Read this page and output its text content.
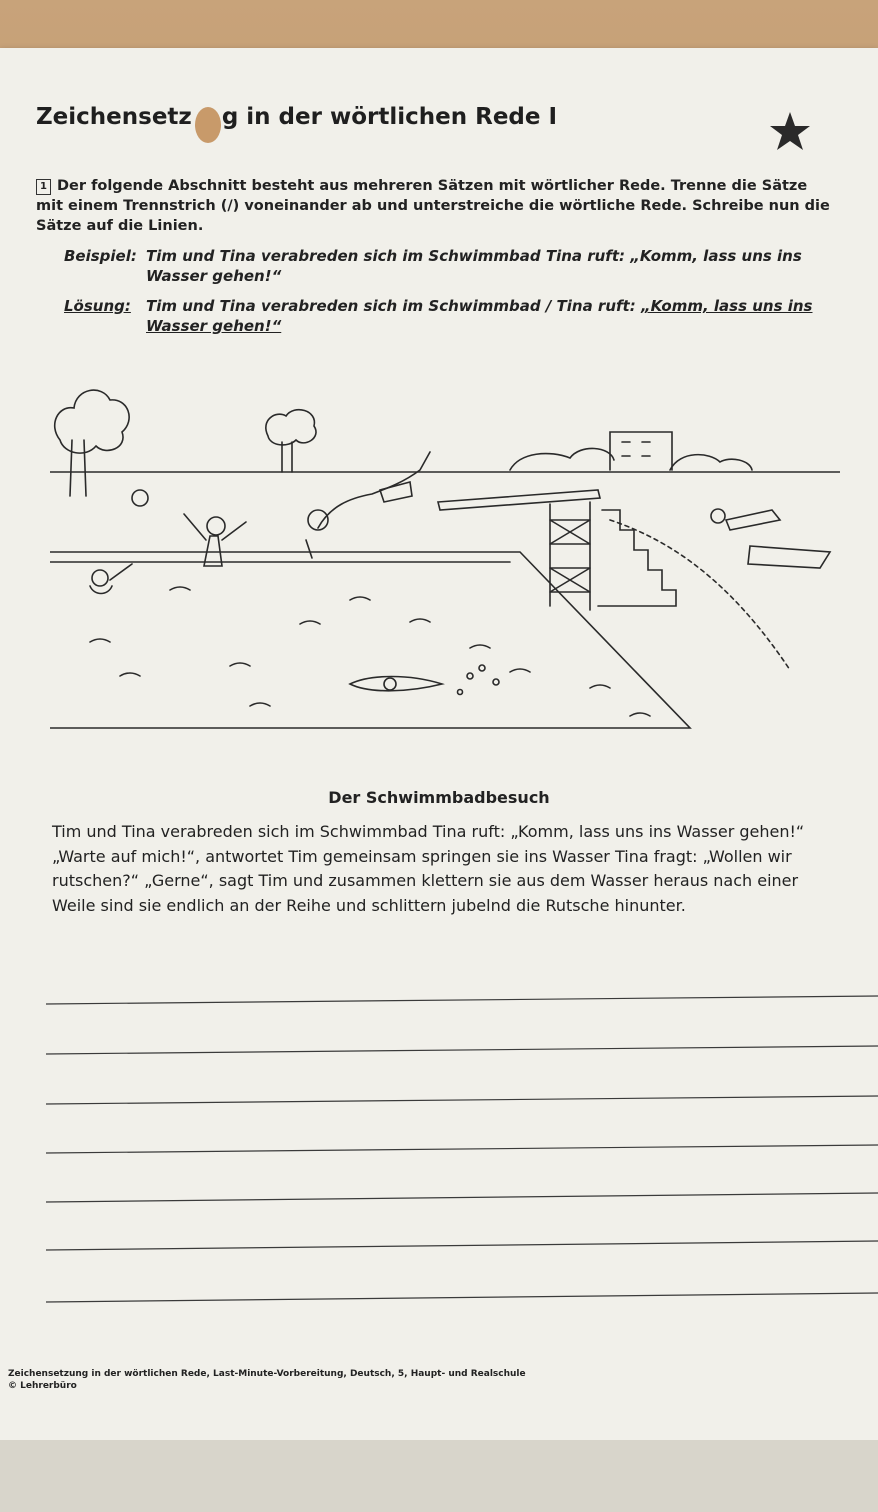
Zeichensetz g in der wörtlichen Rede I
1 Der folgende Abschnitt besteht aus mehreren Sätzen mit wörtlicher Rede. Trenne die Sätze mit einem Trennstrich (/) voneinander ab und unterstreiche die wörtliche Rede. Schreibe nun die Sätze auf die Linien.
Beispiel: Tim und Tina verabreden sich im Schwimmbad Tina ruft: „Komm, lass uns ins Wasser gehen!“
Lösung: Tim und Tina verabreden sich im Schwimmbad / Tina ruft: „Komm, lass uns ins Wasser gehen!“
Der Schwimmbadbesuch
Tim und Tina verabreden sich im Schwimmbad Tina ruft: „Komm, lass uns ins Wasser gehen!“ „Warte auf mich!“, antwortet Tim gemeinsam springen sie ins Wasser Tina fragt: „Wollen wir rutschen?“ „Gerne“, sagt Tim und zusammen klettern sie aus dem Wasser heraus nach einer Weile sind sie endlich an der Reihe und schlittern jubelnd die Rutsche hinunter.
Zeichensetzung in der wörtlichen Rede, Last-Minute-Vorbereitung, Deutsch, 5, Haupt- und Realschule
© Lehrerbüro
